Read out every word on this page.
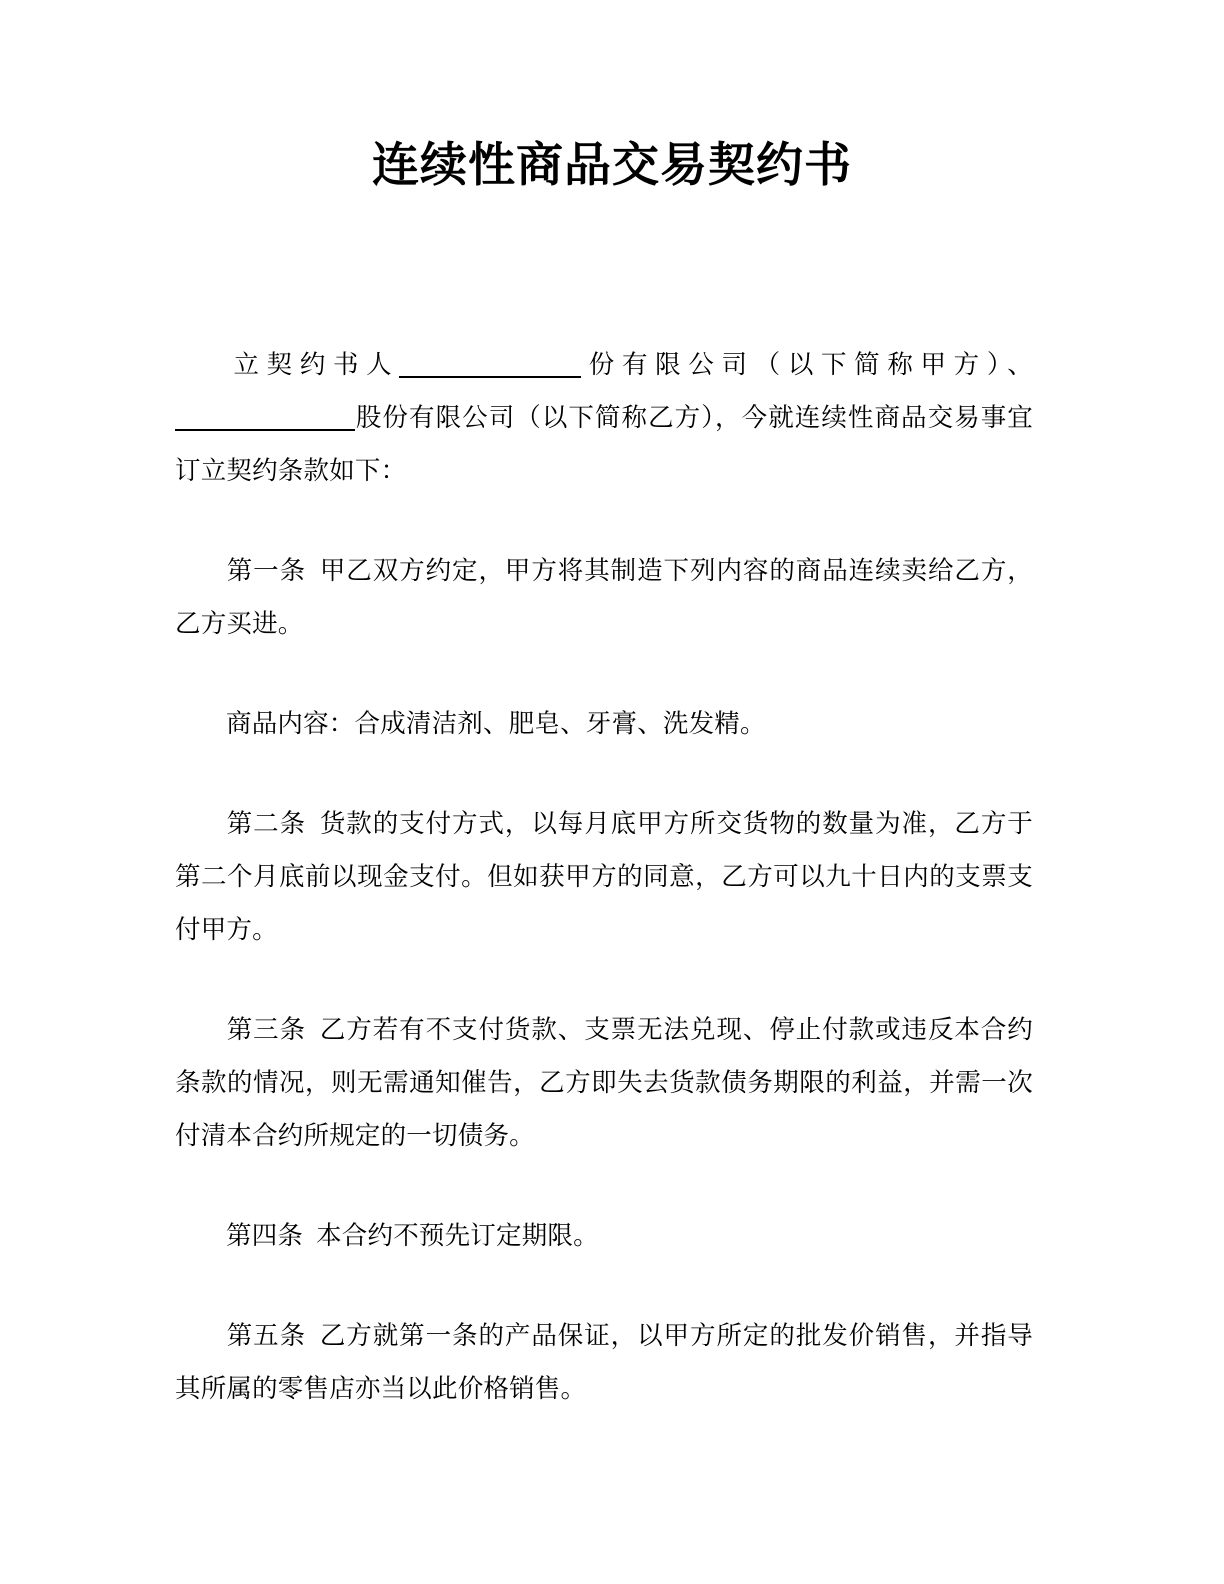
连续性商品交易契约书

立契约书人	份有限公司（以下简称甲方）、股份有限公司（以下简称乙方），今就连续性商品交易事宜订立契约条款如下：

第一条 甲乙双方约定，甲方将其制造下列内容的商品连续卖给乙方，乙方买进。

商品内容：合成清洁剂、肥皂、牙膏、洗发精。

第二条 货款的支付方式，以每月底甲方所交货物的数量为准，乙方于第二个月底前以现金支付。但如获甲方的同意，乙方可以九十日内的支票支付甲方。

第三条 乙方若有不支付货款、支票无法兑现、停止付款或违反本合约条款的情况，则无需通知催告，乙方即失去货款债务期限的利益，并需一次付清本合约所规定的一切债务。

第四条 本合约不预先订定期限。

第五条 乙方就第一条的产品保证，以甲方所定的批发价销售，并指导其所属的零售店亦当以此价格销售。
